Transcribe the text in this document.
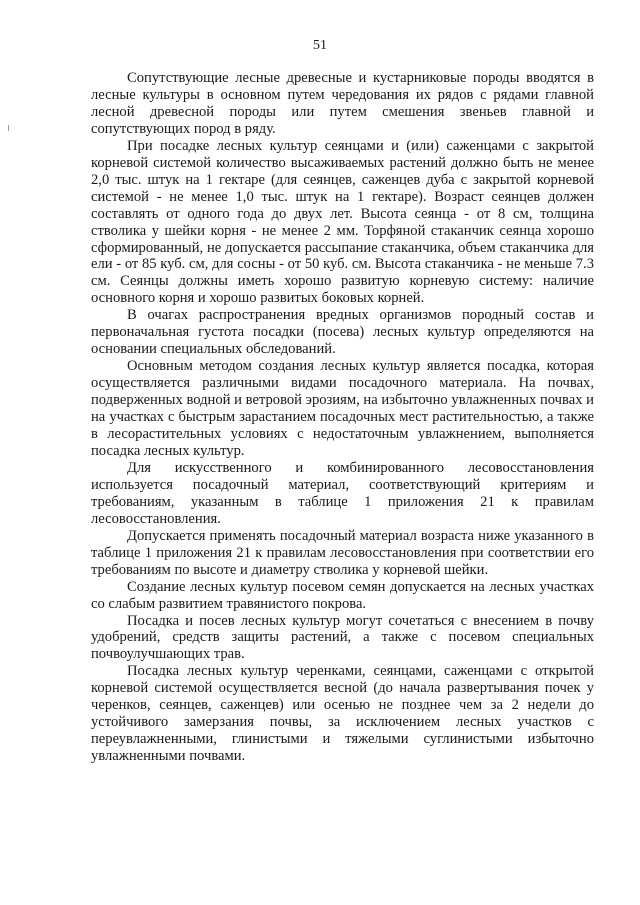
51

Сопутствующие лесные древесные и кустарниковые породы вводятся в лесные культуры в основном путем чередования их рядов с рядами главной лесной древесной породы или путем смешения звеньев главной и сопутствующих пород в ряду.

При посадке лесных культур сеянцами и (или) саженцами с закрытой корневой системой количество высаживаемых растений должно быть не менее 2,0 тыс. штук на 1 гектаре (для сеянцев, саженцев дуба с закрытой корневой системой - не менее 1,0 тыс. штук на 1 гектаре). Возраст сеянцев должен составлять от одного года до двух лет. Высота сеянца - от 8 см, толщина стволика у шейки корня - не менее 2 мм. Торфяной стаканчик сеянца хорошо сформированный, не допускается рассыпание стаканчика, объем стаканчика для ели - от 85 куб. см, для сосны - от 50 куб. см. Высота стаканчика - не меньше 7.3 см. Сеянцы должны иметь хорошо развитую корневую систему: наличие основного корня и хорошо развитых боковых корней.

В очагах распространения вредных организмов породный состав и первоначальная густота посадки (посева) лесных культур определяются на основании специальных обследований.

Основным методом создания лесных культур является посадка, которая осуществляется различными видами посадочного материала. На почвах, подверженных водной и ветровой эрозиям, на избыточно увлажненных почвах и на участках с быстрым зарастанием посадочных мест растительностью, а также в лесорастительных условиях с недостаточным увлажнением, выполняется посадка лесных культур.

Для искусственного и комбинированного лесовосстановления используется посадочный материал, соответствующий критериям и требованиям, указанным в таблице 1 приложения 21 к правилам лесовосстановления.

Допускается применять посадочный материал возраста ниже указанного в таблице 1 приложения 21 к правилам лесовосстановления при соответствии его требованиям по высоте и диаметру стволика у корневой шейки.

Создание лесных культур посевом семян допускается на лесных участках со слабым развитием травянистого покрова.

Посадка и посев лесных культур могут сочетаться с внесением в почву удобрений, средств защиты растений, а также с посевом специальных почвоулучшающих трав.

Посадка лесных культур черенками, сеянцами, саженцами с открытой корневой системой осуществляется весной (до начала развертывания почек у черенков, сеянцев, саженцев) или осенью не позднее чем за 2 недели до устойчивого замерзания почвы, за исключением лесных участков с переувлажненными, глинистыми и тяжелыми суглинистыми избыточно увлажненными почвами.
